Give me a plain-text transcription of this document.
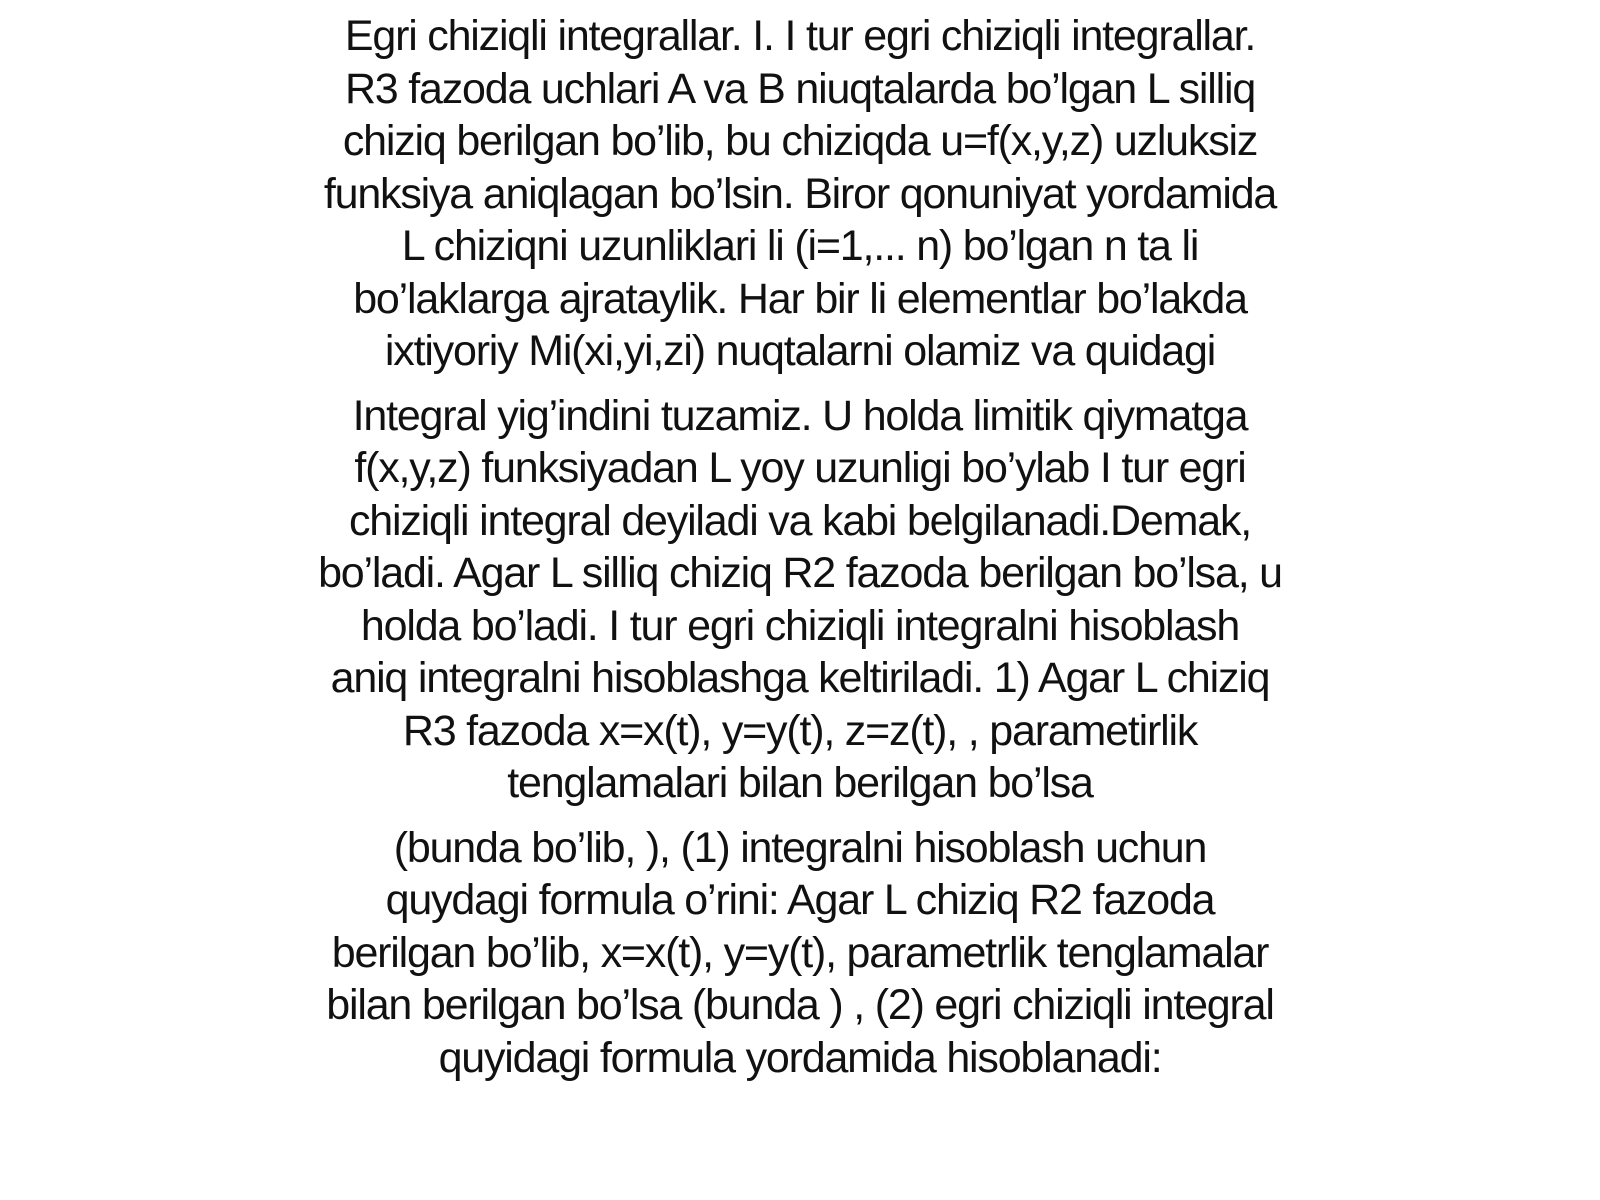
Egri chiziqli integrallar. I. I tur egri chiziqli integrallar.
R3 fazoda uchlari A va B niuqtalarda bo’lgan L silliq
chiziq berilgan bo’lib, bu chiziqda u=f(x,y,z) uzluksiz
funksiya aniqlagan bo’lsin. Biror qonuniyat yordamida
L chiziqni uzunliklari li (i=1,... n) bo’lgan n ta li
bo’laklarga ajrataylik. Har bir li elementlar bo’lakda
ixtiyoriy Mi(xi,yi,zi) nuqtalarni olamiz va quidagi

Integral yig’indini tuzamiz. U holda limitik qiymatga
f(x,y,z) funksiyadan L yoy uzunligi bo’ylab I tur egri
chiziqli integral deyiladi va kabi belgilanadi.Demak,
bo’ladi. Agar L silliq chiziq R2 fazoda berilgan bo’lsa, u
holda bo’ladi. I tur egri chiziqli integralni hisoblash
aniq integralni hisoblashga keltiriladi. 1) Agar L chiziq
R3 fazoda x=x(t), y=y(t), z=z(t), , parametirlik
tenglamalari bilan berilgan bo’lsa

(bunda bo’lib, ), (1) integralni hisoblash uchun
quydagi formula o’rini: Agar L chiziq R2 fazoda
berilgan bo’lib, x=x(t), y=y(t), parametrlik tenglamalar
bilan berilgan bo’lsa (bunda ) , (2) egri chiziqli integral
quyidagi formula yordamida hisoblanadi:
